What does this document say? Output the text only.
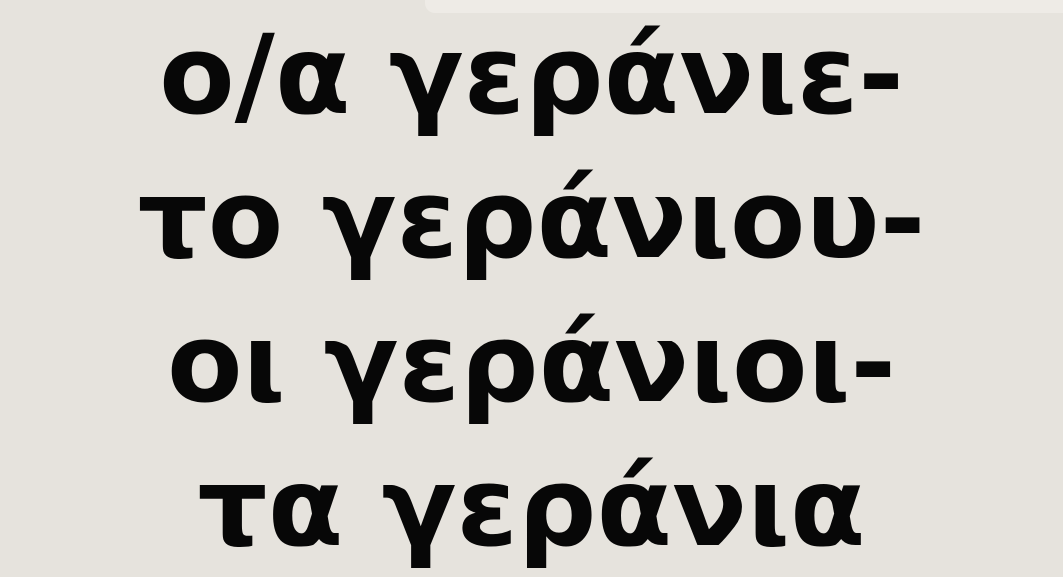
ο/α γεράνιε-
το γεράνιου-
οι γεράνιοι-
τα γεράνια
